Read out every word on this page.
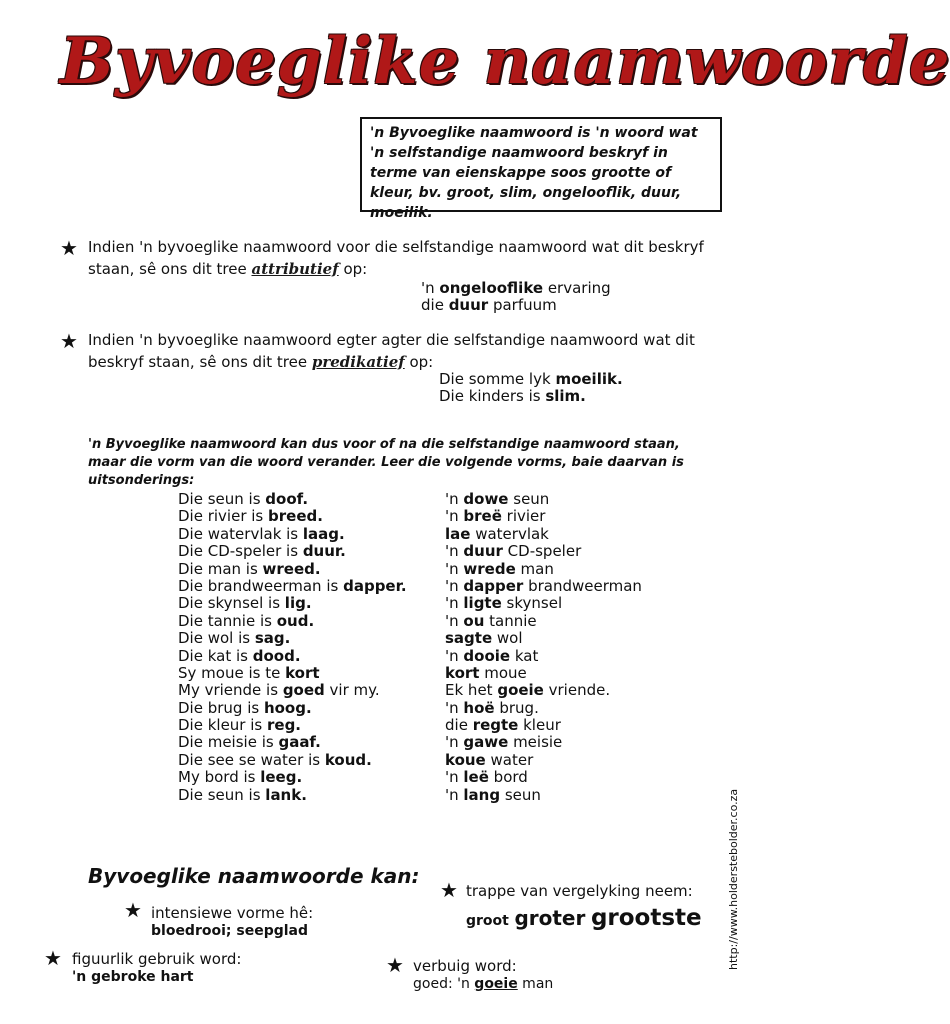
Byvoeglike naamwoorde
'n Byvoeglike naamwoord is 'n woord wat 'n selfstandige naamwoord beskryf in terme van eienskappe soos grootte of kleur, bv. groot, slim, ongelooflik, duur, moeilik.
★ Indien 'n byvoeglike naamwoord voor die selfstandige naamwoord wat dit beskryf staan, sê ons dit tree attributief op:
'n ongelooflike ervaring
die duur parfuum
★ Indien 'n byvoeglike naamwoord egter agter die selfstandige naamwoord wat dit beskryf staan, sê ons dit tree predikatief op:
Die somme lyk moeilik.
Die kinders is slim.
'n Byvoeglike naamwoord kan dus voor of na die selfstandige naamwoord staan, maar die vorm van die woord verander. Leer die volgende vorms, baie daarvan is uitsonderings:
Die seun is doof.
Die rivier is breed.
Die watervlak is laag.
Die CD-speler is duur.
Die man is wreed.
Die brandweerman is dapper.
Die skynsel is lig.
Die tannie is oud.
Die wol is sag.
Die kat is dood.
Sy moue is te kort
My vriende is goed vir my.
Die brug is hoog.
Die kleur is reg.
Die meisie is gaaf.
Die see se water is koud.
My bord is leeg.
Die seun is lank.
'n dowe seun
'n breë rivier
lae watervlak
'n duur CD-speler
'n wrede man
'n dapper brandweerman
'n ligte skynsel
'n ou tannie
sagte wol
'n dooie kat
kort moue
Ek het goeie vriende.
'n hoë brug.
die regte kleur
'n gawe meisie
koue water
'n leë bord
'n lang seun
Byvoeglike naamwoorde kan:
★ intensiewe vorme hê:
bloedrooi; seepglad
★ trappe van vergelyking neem:
groot groter grootste
★ figuurlik gebruik word:
'n gebroke hart	★ verbuig word:
goed: 'n goeie man
http://www.holderstebolder.co.za
